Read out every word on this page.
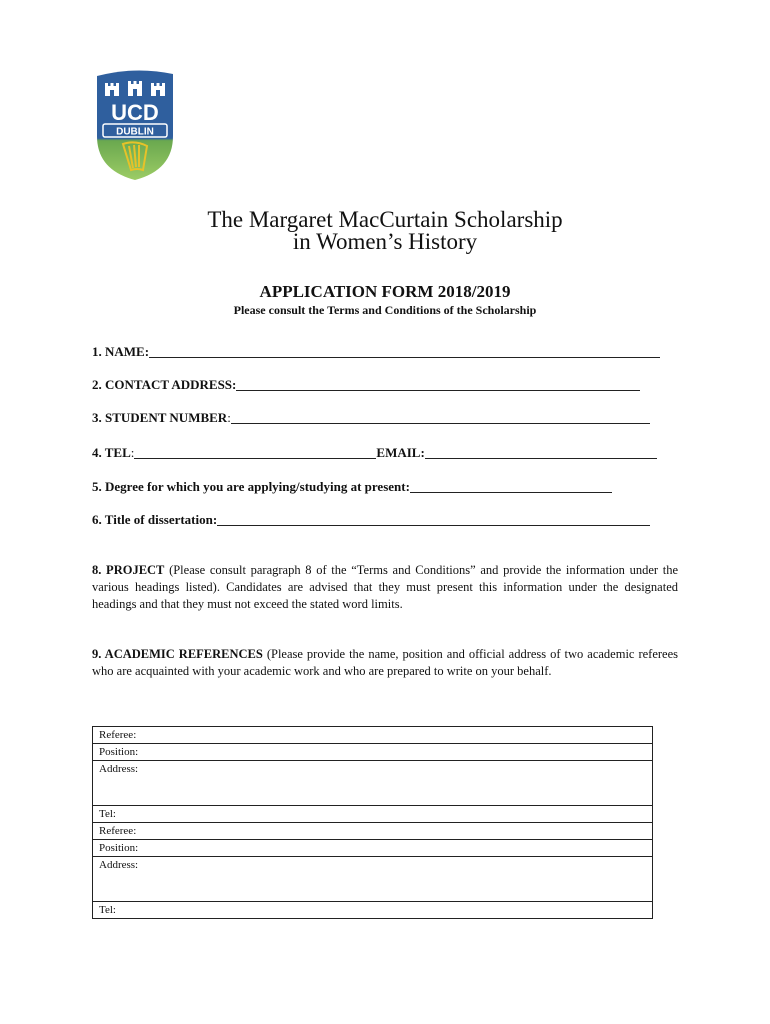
UCD
DUBLIN
The Margaret MacCurtain Scholarship
in Women’s History
APPLICATION FORM 2018/2019
Please consult the Terms and Conditions of the Scholarship
1. NAME:
2. CONTACT ADDRESS:
3. STUDENT NUMBER :
4. TEL :	EMAIL:
5. Degree for which you are applying/studying at present:
6. Title of dissertation:

8. PROJECT (Please consult paragraph 8 of the “Terms and Conditions” and provide the information under the various headings listed). Candidates are advised that they must present this information under the designated headings and that they must not exceed the stated word limits.

9. ACADEMIC REFERENCES (Please provide the name, position and official address of two academic referees who are acquainted with your academic work and who are prepared to write on your behalf.

Referee:
Position:
Address:
Tel:
Referee:
Position:
Address:
Tel:
